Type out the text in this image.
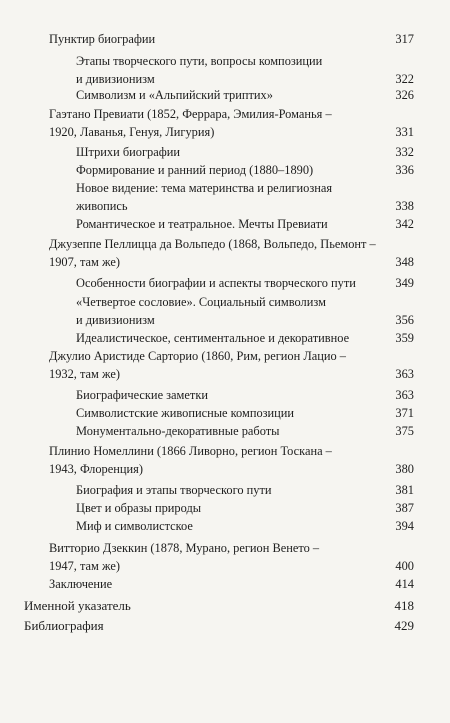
Пунктир биографии	317
Этапы творческого пути, вопросы композиции
и дивизионизм	322
Символизм и «Альпийский триптих»	326
Гаэтано Превиати (1852, Феррара, Эмилия-Романья –
1920, Лаванья, Генуя, Лигурия)	331
Штрихи биографии	332
Формирование и ранний период (1880–1890)	336
Новое видение: тема материнства и религиозная
живопись	338
Романтическое и театральное. Мечты Превиати	342
Джузеппе Пеллицца да Вольпедо (1868, Вольпедо, Пьемонт –
1907, там же)	348
Особенности биографии и аспекты творческого пути	349
«Четвертое сословие». Социальный символизм
и дивизионизм	356
Идеалистическое, сентиментальное и декоративное	359
Джулио Аристиде Сарторио (1860, Рим, регион Лацио –
1932, там же)	363
Биографические заметки	363
Символистские живописные композиции	371
Монументально-декоративные работы	375
Плинио Номеллини (1866 Ливорно, регион Тоскана –
1943, Флоренция)	380
Биография и этапы творческого пути	381
Цвет и образы природы	387
Миф и символистское	394
Витторио Дзеккин (1878, Мурано, регион Венето –
1947, там же)	400
Заключение	414
Именной указатель	418
Библиография	429
